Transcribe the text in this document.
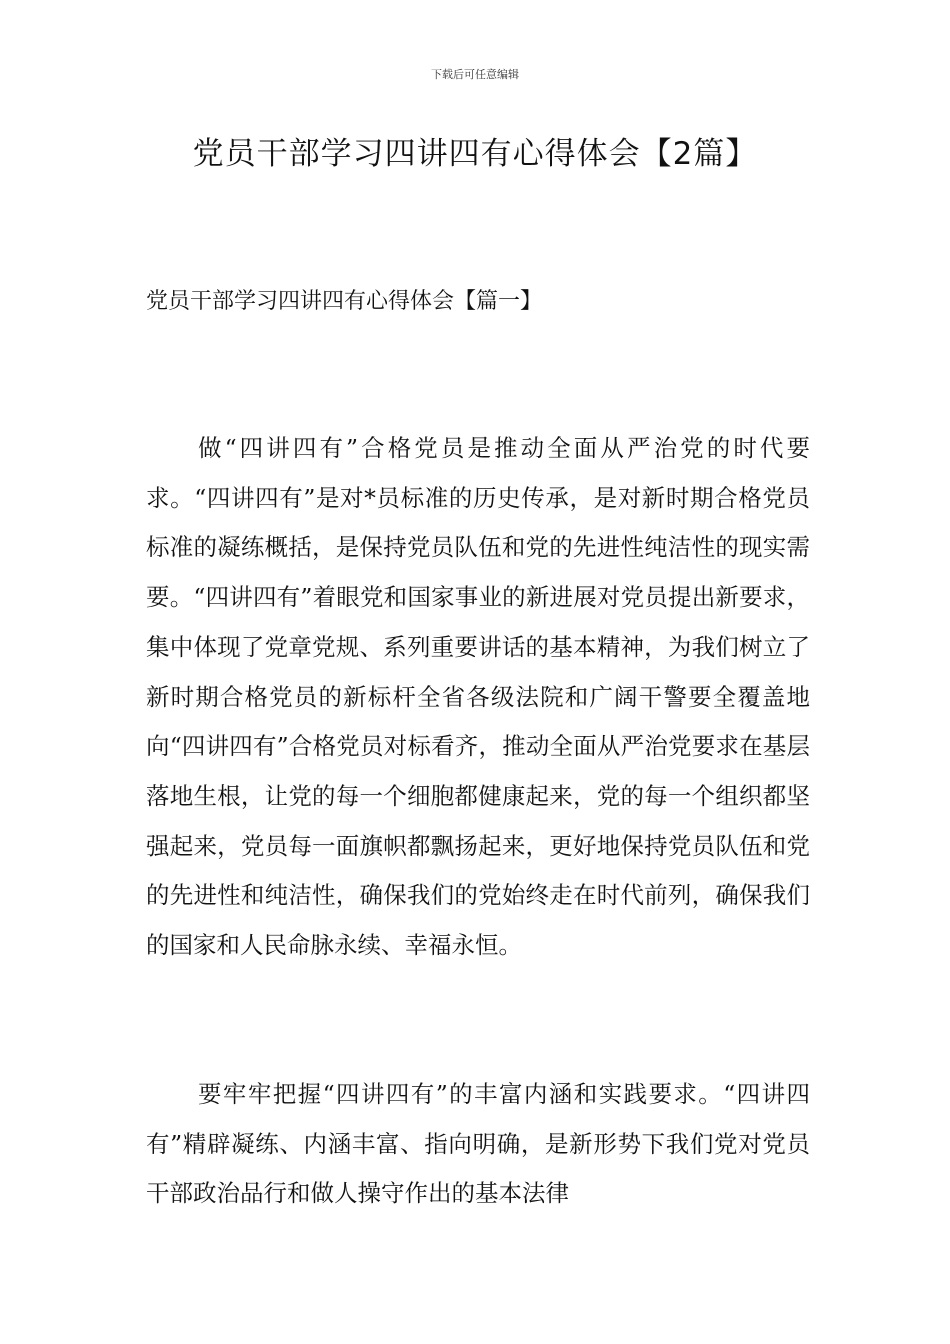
下载后可任意编辑
党员干部学习四讲四有心得体会【2篇】
党员干部学习四讲四有心得体会【篇一】

做“四讲四有”合格党员是推动全面从严治党的时代要求。“四讲四有”是对*员标准的历史传承，是对新时期合格党员标准的凝练概括，是保持党员队伍和党的先进性纯洁性的现实需要。“四讲四有”着眼党和国家事业的新进展对党员提出新要求，集中体现了党章党规、系列重要讲话的基本精神，为我们树立了新时期合格党员的新标杆全省各级法院和广阔干警要全覆盖地向“四讲四有”合格党员对标看齐，推动全面从严治党要求在基层落地生根，让党的每一个细胞都健康起来，党的每一个组织都坚强起来，党员每一面旗帜都飘扬起来，更好地保持党员队伍和党的先进性和纯洁性，确保我们的党始终走在时代前列，确保我们的国家和人民命脉永续、幸福永恒。

要牢牢把握“四讲四有”的丰富内涵和实践要求。“四讲四有”精辟凝练、内涵丰富、指向明确，是新形势下我们党对党员干部政治品行和做人操守作出的基本法律
